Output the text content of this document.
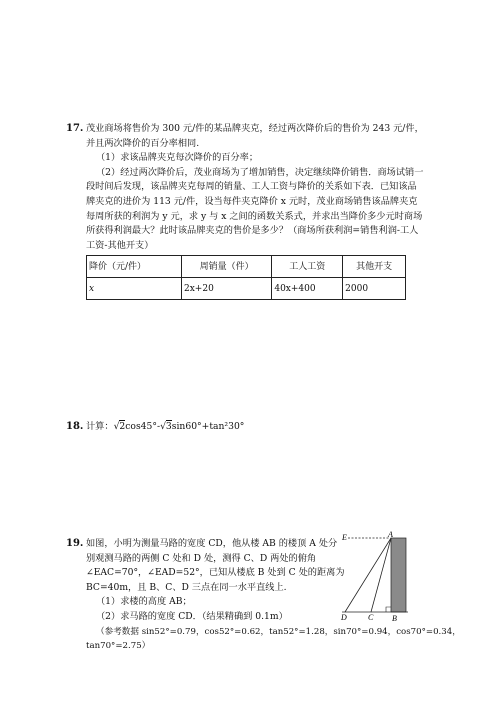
17. 茂业商场将售价为 300 元/件的某品牌夹克，经过两次降价后的售价为 243 元/件，
并且两次降价的百分率相同.
（1）求该品牌夹克每次降价的百分率；
（2）经过两次降价后，茂业商场为了增加销售，决定继续降价销售．商场试销一
段时间后发现，该品牌夹克每周的销量、工人工资与降价的关系如下表．已知该品
牌夹克的进价为 113 元/件，设当每件夹克降价 x 元时，茂业商场销售该品牌夹克
每周所获的利润为 y 元，求 y 与 x 之间的函数关系式，并求出当降价多少元时商场
所获得利润最大？此时该品牌夹克的售价是多少？（商场所获利润=销售利润-工人
工资-其他开支）
降价（元/件）	周销量（件）	工人工资	其他开支
x	2x+20	40x+400	2000
18. 计算：√2cos45°-√3sin60°+tan²30°
19. 如图，小明为测量马路的宽度 CD，他从楼 AB 的楼顶 A 处分
别观测马路的两侧 C 处和 D 处，测得 C、D 两处的俯角
∠EAC=70°，∠EAD=52°，已知从楼底 B 处到 C 处的距离为
BC=40m，且 B、C、D 三点在同一水平直线上.
（1）求楼的高度 AB；
（2）求马路的宽度 CD．（结果精确到 0.1m）
（参考数据 sin52°=0.79，cos52°=0.62，tan52°=1.28，sin70°=0.94，cos70°=0.34，
tan70°=2.75）
E	A
D	C B
